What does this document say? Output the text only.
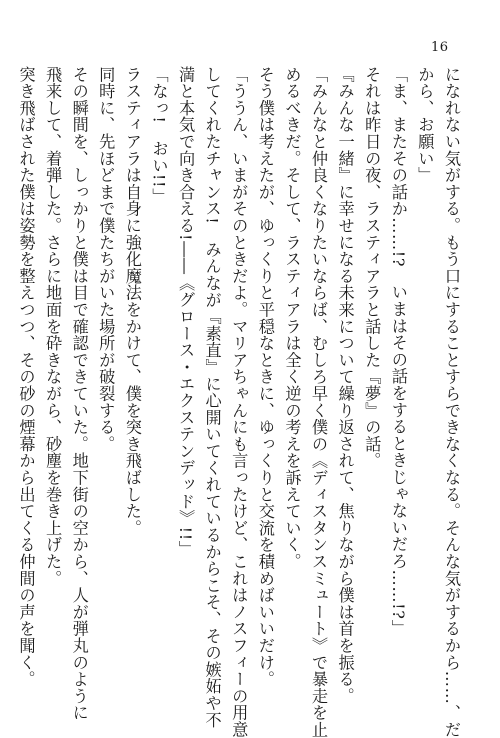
16
になれない気がする。もう口にすることすらできなくなる。そんな気がするから……、だ
から、お願い」
「ま、またその話か……!?　いまはその話をするときじゃないだろ……!?」
それは昨日の夜、ラスティアラと話した『夢』の話。
『みんな一緒』に幸せになる未来について繰り返されて、焦りながら僕は首を振る。
「みんなと仲良くなりたいならば、むしろ早く僕の《ディスタンスミュート》で暴走を止
めるべきだ。そして、ラスティアラは全く逆の考えを訴えていく。
そう僕は考えたが、ゆっくりと平穏なときに、ゆっくりと交流を積めばいいだけ。
「ううん、いまがそのときだよ。マリアちゃんにも言ったけど、これはノスフィーの用意
してくれたチャンス!　みんなが『素直』に心開いてくれているからこそ、その嫉妬や不
満と本気で向き合える!――《グロース・エクステンデッド》!!」
「なっ!　おい!!」
ラスティアラは自身に強化魔法をかけて、僕を突き飛ばした。
同時に、先ほどまで僕たちがいた場所が破裂する。
その瞬間を、しっかりと僕は目で確認できていた。地下街の空から、人が弾丸のように
飛来して、着弾した。さらに地面を砕きながら、砂塵を巻き上げた。
突き飛ばされた僕は姿勢を整えつつ、その砂の煙幕から出てくる仲間の声を聞く。
